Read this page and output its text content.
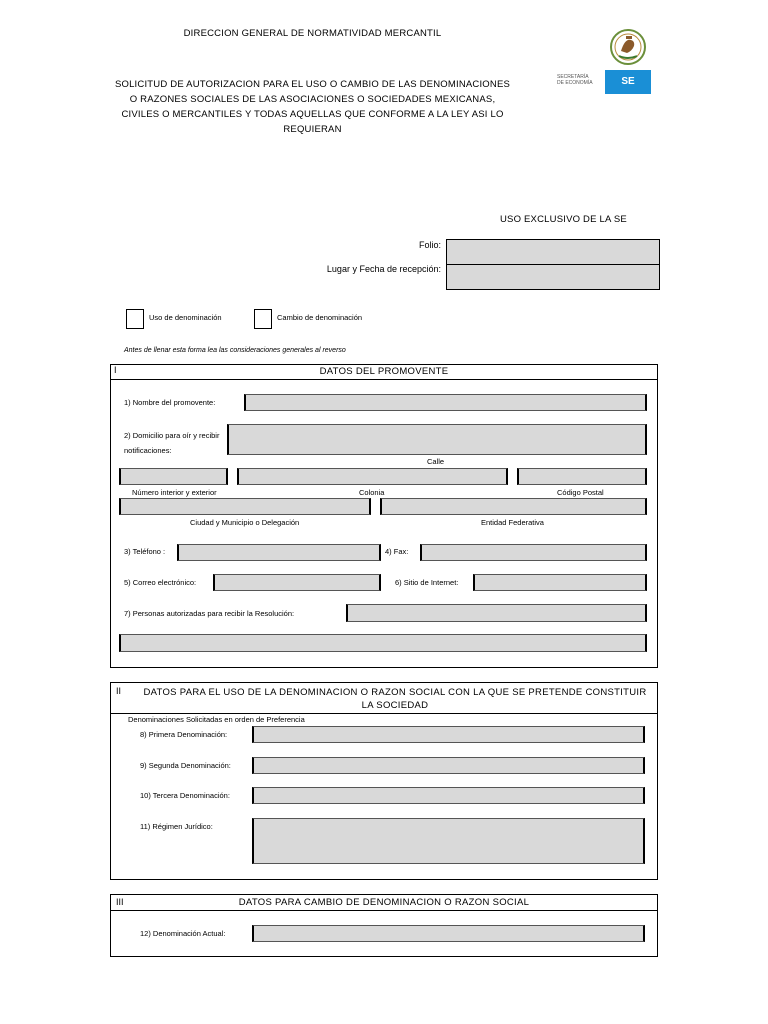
DIRECCION GENERAL DE NORMATIVIDAD MERCANTIL
SOLICITUD DE AUTORIZACION PARA EL USO O CAMBIO DE LAS DENOMINACIONES
O RAZONES SOCIALES DE LAS ASOCIACIONES O SOCIEDADES MEXICANAS,
CIVILES O MERCANTILES Y TODAS AQUELLAS QUE CONFORME A LA LEY ASI LO
REQUIERAN
SECRETARÍA
DE ECONOMÍA	SE
USO EXCLUSIVO DE LA SE
Folio:
Lugar y Fecha de recepción:
Uso de denominación	Cambio de denominación
Antes de llenar esta forma lea las consideraciones generales al reverso
I	DATOS DEL PROMOVENTE
1) Nombre del promovente:
2) Domicilio para oír y recibir
notificaciones:
Calle
Número interior y exterior	Colonia	Código Postal
Ciudad y Municipio o Delegación	Entidad Federativa
3) Teléfono :	4) Fax:
5) Correo electrónico:	6) Sitio de Internet:
7) Personas autorizadas para recibir la Resolución:
II	DATOS PARA EL USO DE LA DENOMINACION O RAZON SOCIAL CON LA QUE SE PRETENDE CONSTITUIR
LA SOCIEDAD
Denominaciones Solicitadas en orden de Preferencia
8) Primera Denominación:
9) Segunda Denominación:
10) Tercera Denominación:
11) Régimen Jurídico:
III	DATOS PARA CAMBIO DE DENOMINACION O RAZON SOCIAL
12) Denominación Actual:
